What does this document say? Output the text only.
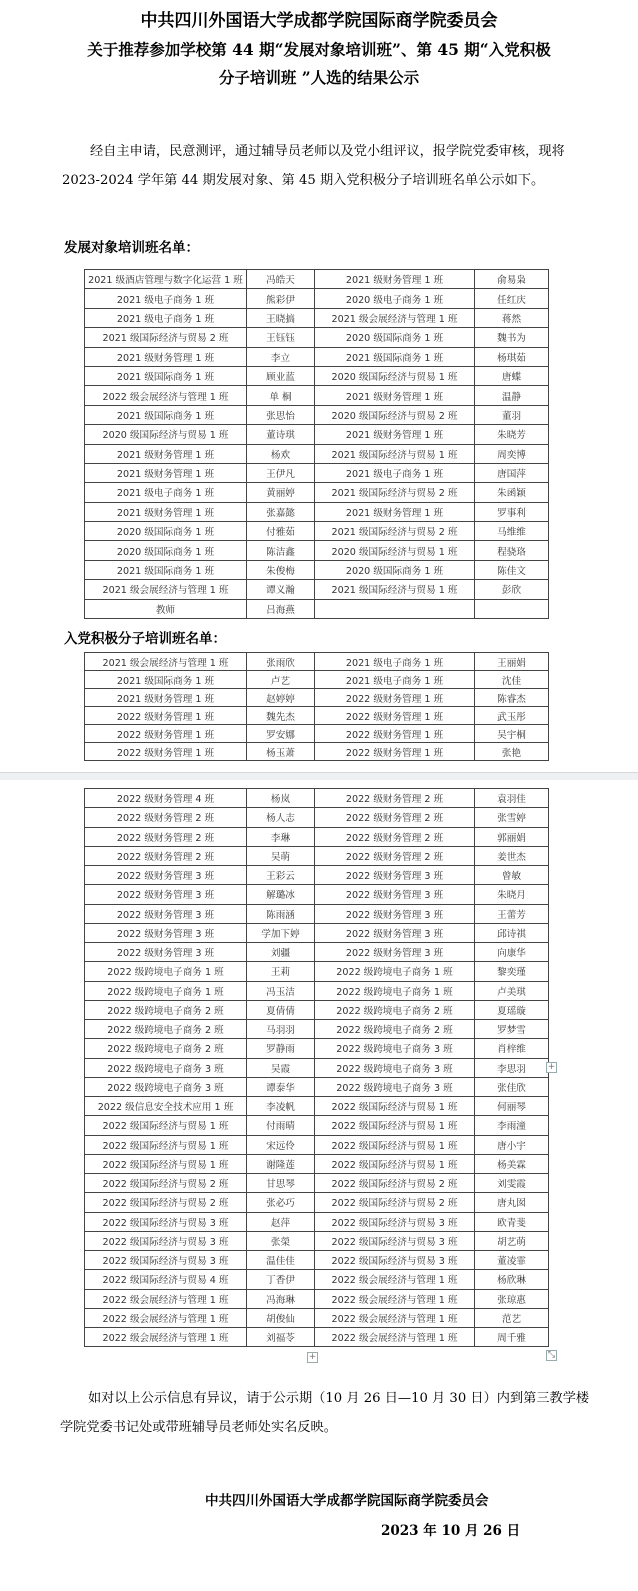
中共四川外国语大学成都学院国际商学院委员会
关于推荐参加学校第 44 期“发展对象培训班”、第 45 期“入党积极
分子培训班 ”人选的结果公示
经自主申请，民意测评，通过辅导员老师以及党小组评议，报学院党委审核，现将 2023-2024 学年第 44 期发展对象、第 45 期入党积极分子培训班名单公示如下。
发展对象培训班名单：
2021 级酒店管理与数字化运营 1 班	冯皓天	2021 级财务管理 1 班	俞易枭
2021 级电子商务 1 班	熊彩伊	2020 级电子商务 1 班	任红庆
2021 级电子商务 1 班	王晓搞	2021 级会展经济与管理 1 班	蒋然
2021 级国际经济与贸易 2 班	王钰钰	2020 级国际商务 1 班	魏书为
2021 级财务管理 1 班	李立	2021 级国际商务 1 班	杨琪茹
2021 级国际商务 1 班	顾业蓝	2020 级国际经济与贸易 1 班	唐蝶
2022 级会展经济与管理 1 班	单 桐	2021 级财务管理 1 班	温静
2021 级国际商务 1 班	张思怡	2020 级国际经济与贸易 2 班	董羽
2020 级国际经济与贸易 1 班	董诗琪	2021 级财务管理 1 班	朱晓芳
2021 级财务管理 1 班	杨欢	2021 级国际经济与贸易 1 班	周奕博
2021 级财务管理 1 班	王伊凡	2021 级电子商务 1 班	唐国萍
2021 级电子商务 1 班	黄丽婷	2021 级国际经济与贸易 2 班	朱函颖
2021 级财务管理 1 班	张嘉懿	2021 级财务管理 1 班	罗事利
2020 级国际商务 1 班	付雅茹	2021 级国际经济与贸易 2 班	马维维
2020 级国际商务 1 班	陈洁鑫	2020 级国际经济与贸易 1 班	程骁珞
2021 级国际商务 1 班	朱俊梅	2020 级国际商务 1 班	陈佳文
2021 级会展经济与管理 1 班	谭义瀚	2021 级国际经济与贸易 1 班	彭欣
教师	吕海燕		
入党积极分子培训班名单：
2021 级会展经济与管理 1 班	张雨欣	2021 级电子商务 1 班	王丽娟
2021 级国际商务 1 班	卢艺	2021 级电子商务 1 班	沈佳
2021 级财务管理 1 班	赵婷婷	2022 级财务管理 1 班	陈睿杰
2022 级财务管理 1 班	魏先杰	2022 级财务管理 1 班	武玉彤
2022 级财务管理 1 班	罗安娜	2022 级财务管理 1 班	吴宇桐
2022 级财务管理 1 班	杨玉萧	2022 级财务管理 1 班	张艳
2022 级财务管理 4 班	杨岚	2022 级财务管理 2 班	袁羽佳
2022 级财务管理 2 班	杨人志	2022 级财务管理 2 班	张雪婷
2022 级财务管理 2 班	李琳	2022 级财务管理 2 班	郭丽娟
2022 级财务管理 2 班	吴萌	2022 级财务管理 2 班	姜世杰
2022 级财务管理 3 班	王彩云	2022 级财务管理 3 班	曾敏
2022 级财务管理 3 班	解璐冰	2022 级财务管理 3 班	朱晓月
2022 级财务管理 3 班	陈雨涵	2022 级财务管理 3 班	王蕾芳
2022 级财务管理 3 班	学加下婷	2022 级财务管理 3 班	邱诗祺
2022 级财务管理 3 班	刘疆	2022 级财务管理 3 班	向康华
2022 级跨境电子商务 1 班	王莉	2022 级跨境电子商务 1 班	黎奕瑾
2022 级跨境电子商务 1 班	冯玉洁	2022 级跨境电子商务 1 班	卢美琪
2022 级跨境电子商务 2 班	夏倩倩	2022 级跨境电子商务 2 班	夏瑶璇
2022 级跨境电子商务 2 班	马羽羽	2022 级跨境电子商务 2 班	罗梦雪
2022 级跨境电子商务 2 班	罗静雨	2022 级跨境电子商务 3 班	肖梓维
2022 级跨境电子商务 3 班	吴霞	2022 级跨境电子商务 3 班	李思羽
2022 级跨境电子商务 3 班	谭泰华	2022 级跨境电子商务 3 班	张佳欣
2022 级信息安全技术应用 1 班	李凌帆	2022 级国际经济与贸易 1 班	何丽琴
2022 级国际经济与贸易 1 班	付雨晴	2022 级国际经济与贸易 1 班	李雨潼
2022 级国际经济与贸易 1 班	宋远伶	2022 级国际经济与贸易 1 班	唐小宇
2022 级国际经济与贸易 1 班	谢隆莲	2022 级国际经济与贸易 1 班	杨美霖
2022 级国际经济与贸易 2 班	甘思琴	2022 级国际经济与贸易 2 班	刘雯霞
2022 级国际经济与贸易 2 班	张必巧	2022 级国际经济与贸易 2 班	唐丸囡
2022 级国际经济与贸易 3 班	赵萍	2022 级国际经济与贸易 3 班	欧青斐
2022 级国际经济与贸易 3 班	张榮	2022 级国际经济与贸易 3 班	胡艺萌
2022 级国际经济与贸易 3 班	温佳佳	2022 级国际经济与贸易 3 班	董凌霏
2022 级国际经济与贸易 4 班	丁香伊	2022 级会展经济与管理 1 班	杨欣琳
2022 级会展经济与管理 1 班	冯海琳	2022 级会展经济与管理 1 班	张琼惠
2022 级会展经济与管理 1 班	胡俊仙	2022 级会展经济与管理 1 班	范艺
2022 级会展经济与管理 1 班	刘福苓	2022 级会展经济与管理 1 班	周千雅
+
+	⤡
如对以上公示信息有异议，请于公示期（10 月 26 日—10 月 30 日）内到第三教学楼学院党委书记处或带班辅导员老师处实名反映。
中共四川外国语大学成都学院国际商学院委员会
2023 年 10 月 26 日
